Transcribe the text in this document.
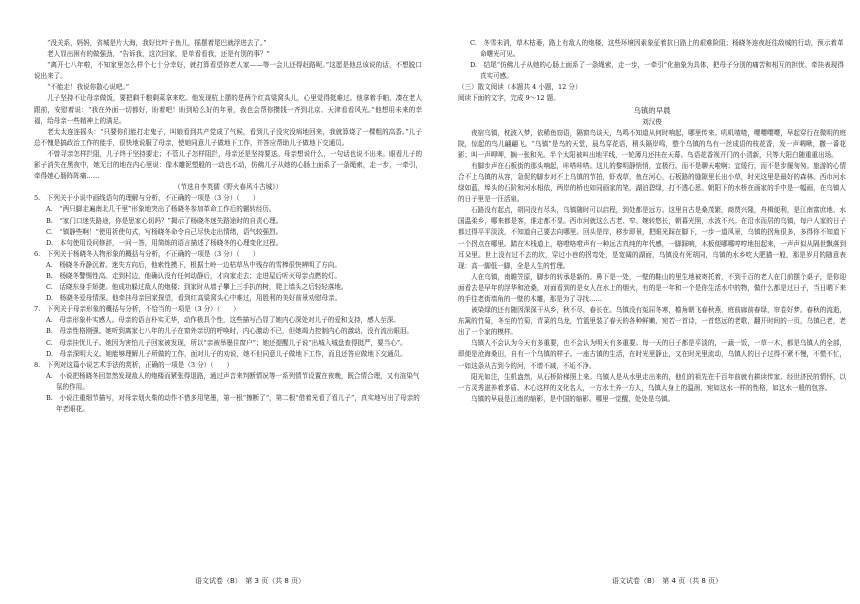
“没关系，妈妈，省城是片大海，我好比叶子鱼儿，摇摆着尾巴就浮进去了。”

老人显出困有的做强劲，“告诉我，这次回家，是单看看我，还是有别的事？”

“离开七八年啦，不知家里怎么样个七十分幸好，就打算看望你老人家——等一会儿还得赶路呢。”这愿是他总该说的话，不想脱口说出来了。

“不能走！我说你散心说吧。”

儿子坚持不让母亲做饭，要把剩千粮剩菜拿来吃。他发现杭上摆的是两个红高粱窝头儿，心里觉得挺难过。他拿着手帕，凑在老人跟前，安慰着说：“我在外面一切都好，盼着吧！盼到哈么好的年景，我也会帮你攒钱一齐到北京、天津看看风光。”他想用未来的幸福，给母亲一些精神上的满足。

老太太连连摇头：“只要你们能打走鬼子，叫娘看到共产党成了气候，看到儿子没灾没病地回来，我就算烧了一棵粗的高香。”儿子总不愧是搞政治工作的能手，很快地说服了母亲，使她同意儿子做地下工作，并答应帮助儿子做地下交通员。

不曾寻亲怎样拦阻，儿子终于坚持要走；不管儿子怎样阻拦，母亲还是坚持要送。母亲想说什么，一句话也说不出来。眼看儿子的影子消失在黑夜中，她无目的地在内心里说：像木雕泥塑般的一动也不动，仿佛儿子从她的心肠上面系了一条绳索，走一步，一牵引，牵得她心肠阵阵痛……

（节选自李英儒《野火春风斗古城》）

5.　下列关于小说中画线语句的理解与分析，不正确的一项是（3 分）（　　）

A.　“两只脚走遍南北几千里”形象地突出了杨晓冬参加革命工作后的辗转经历。

B.　“家门口迷失路途，你是思家心切吗？”揭示了杨晓冬迷失路途时的自责心理。

C.　“镇静些啊！”使用祈使句式，写杨晓冬命令自己尽快走出情绪，语气较强烈。

D.　本句使用设问修辞，一问一答，用简练的语言描述了杨晓冬的心理变化过程。

6.　下列关于杨晓冬人物形象的概括与分析，不正确的一项是（3 分）（　　）

A.　杨晓冬乔静沉着。迷失方向后，他索性摸下，根据土岭一边枯草丛中残存的雪棒很快辨明了方向。

B.　杨晓冬警惕性高。走到村边，他确认没有任何动静后，才向家走去；走进屋后听灭母亲点燃的灯。

C.　话晓东身手矫捷。他成功躲过敌人的炮楼；到家时从墙子攀上三手扒的树，爬上墙头之后轻轻落地。

D.　杨晓冬爱母情深。他牵挂母亲回家探望，看到红高粱窝头心中难过，用胜利的美好前景劝慰母亲。

7.　下列关于母亲形象的概括与分析，不恰当的一项是（3 分）（　　）

A.　母亲形象朴实感人。母亲的语言朴实无华，动作极具个性，这些描写凸显了她内心深处对儿子的爱和支持，感人至深。

B.　母亲性格刚强。她听到离家七八年的儿子在窗外亲切的呼唤时，内心激动不已，但她竭力控制内心的激动，没有流出眼泪。

C.　母亲挂忧儿子。她因为害怕儿子回家被发现，所以“亲被举墨住窗户”；她还提醒儿子说“出城入城盘查得挺严，要当心”。

D.　母亲深明大义。她能够理解儿子所做的工作，面对儿子的劝说，她不但同意儿子做地下工作，而且还答应做地下交通员。

8.　下列对这篇小说艺术手法的赏析，正确的一项是（3 分）（　　）

A.　小说把杨晓冬回忽然发现敌人的炮楼而紧张得退路，通过声音来判断情况等一系列情节设置在夜晚，既合情合理，又有渲染气氛的作用。

B.　小说注重细节描写，对母亲划火柴的动作不惜多用笔墨，第一根“擦断了”，第二根“借着光看了看儿子”，真实地写出了母亲的年老眼花。

C.　冬雪未消，草木枯萎，路上有敌人的炮楼，这些环境因素象征着抗日路上的艰难险阻；杨晓冬连夜赶往敌城的行动，预示着革命曙光可见。

D.　结尾“仿佛儿子从她的心肠上面系了一条绳索，走一步，一牵引”化抽象为具体，把母子分别的痛苦和相互的担忧、牵挂表现得真实可感。

（三）散文阅读（本题共 4 小题，12 分）

阅读下面的文字，完成 9～12 题。

乌镇的早晨

刘汉俊

夜宿乌镇，枕波入梦，依稀鱼窃语，隔窗鸟谈天，鸟鸣不知道从何时响起，哪里传来。叽叽喳喳，嘤嘤嘤嘤，早起穿行在微明的庭院，惊起的鸟儿翩翩飞。“乌镇”是鸟的天堂，晨鸟穿花语，稍头隔岸鸣，整个乌镇的鸟有一丝成语的枝花香，发一声啁啾，撒一番花影；叫一声呷呷，搁一张和光。半个太阳被叫出地平线，一轮薄月还挂在天幕。鸟语花香视开门的小清新，只等大阳白随重重出场。

有脚步声在石板街的那头响起，咔嗒咔嗒。这儿的黎明静悄悄，宜极行。而不是聊天啦啊；宜缓行，而不是步履匆匆。旅游的心情合不上乌镇的从容，急促的脚步对不上乌镇的节拍，虾戏草，鱼在河心，石板路的缝隙里长出小草，时光这里是最好的森林。西市河水绿如蓝，埠头的石阶和河水相依，两岸的桥也如同画家的笔，湖泊碧绿，打不透心思。朝阳下的水桥在画家的手中是一幅画，在乌镇人的日子里是一汪活泉。

石路没有起点，胡同没有尽头，乌镇随时可以启程，到处都是远方。这里自古是桑茂繁，商贾兴隆，舟楫便利，是江南富庶地、水国温柔乡，哪来都是客，谁走都不显。西市河就这么古老、窄、婉转悠长，朝暮光照，水波不兴。在沿水而居的乌镇，每户人家的日子都过得平平淡淡，不知道自己要去向哪里。回头是岸，移步即景，把眼光踩在脚下，一步一道风景，乌镇的拐角很多，多得你不知道下一个拐点在哪里。踏在木栈道上，咯噔咯噔声有一种远古真纯的年代感，一脚踩响，木板便哪哪哼哼地扭起来，一声声似从隔世飘落到耳朵里。世上没有过不去的坎，穿过小巷的拐弯处，是宽阔的湖面，乌镇没有死胡同，乌镇的水乡吃大肥猫一般，那是岁月的随意表现：高一脚低一脚，全是人生的哲理。

人在乌镇，南瞻笠原，脚步的转承是新的。鼻下是一处，一壁的鞋山的里生地被寄托着，不到千百的老人在门前摆个桌子，是你迎面看去是早年的浮华和沧桑，对面看到的是女人在水上的烟火，有的是一年和一个是你生活水中的物，做什么都是过日子，当日晒下来的手往老街墙角的一壁的木雕，那是为了寻找……

被染绿的还有随因深深干从乡，秋不尽，春长在。乌镇没有冤屈冬寒，檐角朝飞春秋燕，庭前廊前春绿，帘卷好梦。春秋的流逝，东篱的竹菊，冬至的竹菊，青菜的乌龙，竹篮里装了春天的各种鲜嫩，宛若一首诗，一首悠远的老歌，翻开时间的一页，乌镇已老，老出了一个家的模样。

乌镇人不会认为今天有多重要，也不会认为明天有多重要。每一天的日子都是平淡的，一蔬一饭，一草一木，都是乌镇人的全部，即便是沧海桑田，自有一个乌镇的样子。一座古镇的生活，在时光里静止，又在时光里流动，乌镇人的日子过得不紧不慢，不慌不忙，一如这条从古到今的河，不增不减，不垢不净。

阳光如注，生机盎然，从石桥阶梯照上来。乌镇人是从水里走出来的，他们的祖先在千百年前就有耕读传家、经世济民的情怀，以一方灵秀滋养着茅盾、木心这样的文化名人，一方水土养一方人，乌镇人身上的温润，宛如这水一样的性格，如这水一般的包容。

乌镇的早晨是江南的缩影，是中国的缩影。哪里一觉醒，处处是乌镇。

语文试卷（B）　第 3 页（共 8 页）	语文试卷（B）　第 4 页（共 8 页）
